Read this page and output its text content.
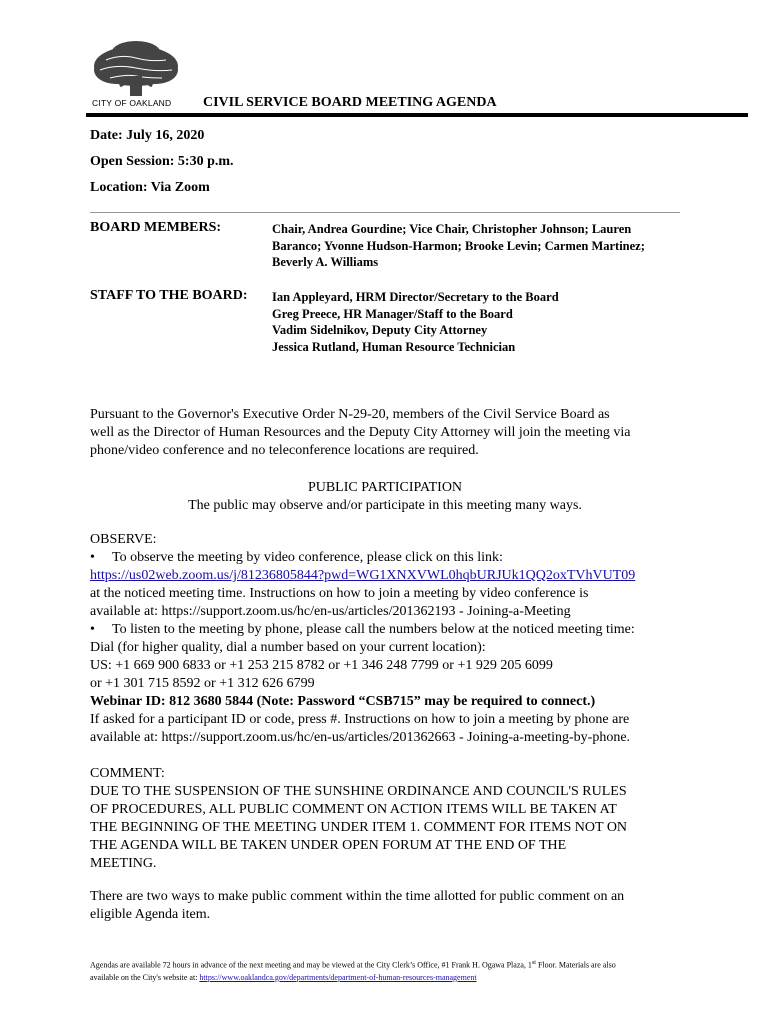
CITY OF OAKLAND CIVIL SERVICE BOARD MEETING AGENDA
Date: July 16, 2020
Open Session: 5:30 p.m.
Location: Via Zoom
BOARD MEMBERS:	Chair, Andrea Gourdine; Vice Chair, Christopher Johnson; Lauren
Baranco; Yvonne Hudson-Harmon; Brooke Levin; Carmen Martinez;
Beverly A. Williams
STAFF TO THE BOARD: Ian Appleyard, HRM Director/Secretary to the Board
Greg Preece, HR Manager/Staff to the Board
Vadim Sidelnikov, Deputy City Attorney
Jessica Rutland, Human Resource Technician
Pursuant to the Governor's Executive Order N-29-20, members of the Civil Service Board as
well as the Director of Human Resources and the Deputy City Attorney will join the meeting via
phone/video conference and no teleconference locations are required.
PUBLIC PARTICIPATION
The public may observe and/or participate in this meeting many ways.
OBSERVE:
• To observe the meeting by video conference, please click on this link:
https://us02web.zoom.us/j/81236805844?pwd=WG1XNXVWL0hqbURJUk1QQ2oxTVhVUT09
at the noticed meeting time. Instructions on how to join a meeting by video conference is
available at: https://support.zoom.us/hc/en-us/articles/201362193 - Joining-a-Meeting
• To listen to the meeting by phone, please call the numbers below at the noticed meeting time:
Dial (for higher quality, dial a number based on your current location):
US: +1 669 900 6833 or +1 253 215 8782 or +1 346 248 7799 or +1 929 205 6099
or +1 301 715 8592 or +1 312 626 6799
Webinar ID: 812 3680 5844 (Note: Password “CSB715” may be required to connect.)
If asked for a participant ID or code, press #. Instructions on how to join a meeting by phone are
available at: https://support.zoom.us/hc/en-us/articles/201362663 - Joining-a-meeting-by-phone.
COMMENT:
DUE TO THE SUSPENSION OF THE SUNSHINE ORDINANCE AND COUNCIL'S RULES
OF PROCEDURES, ALL PUBLIC COMMENT ON ACTION ITEMS WILL BE TAKEN AT
THE BEGINNING OF THE MEETING UNDER ITEM 1. COMMENT FOR ITEMS NOT ON
THE AGENDA WILL BE TAKEN UNDER OPEN FORUM AT THE END OF THE
MEETING.
There are two ways to make public comment within the time allotted for public comment on an
eligible Agenda item.
Agendas are available 72 hours in advance of the next meeting and may be viewed at the City Clerk’s Office, #1 Frank H. Ogawa Plaza, 1st Floor. Materials are also
available on the City's website at: https://www.oaklandca.gov/departments/department-of-human-resources-management
